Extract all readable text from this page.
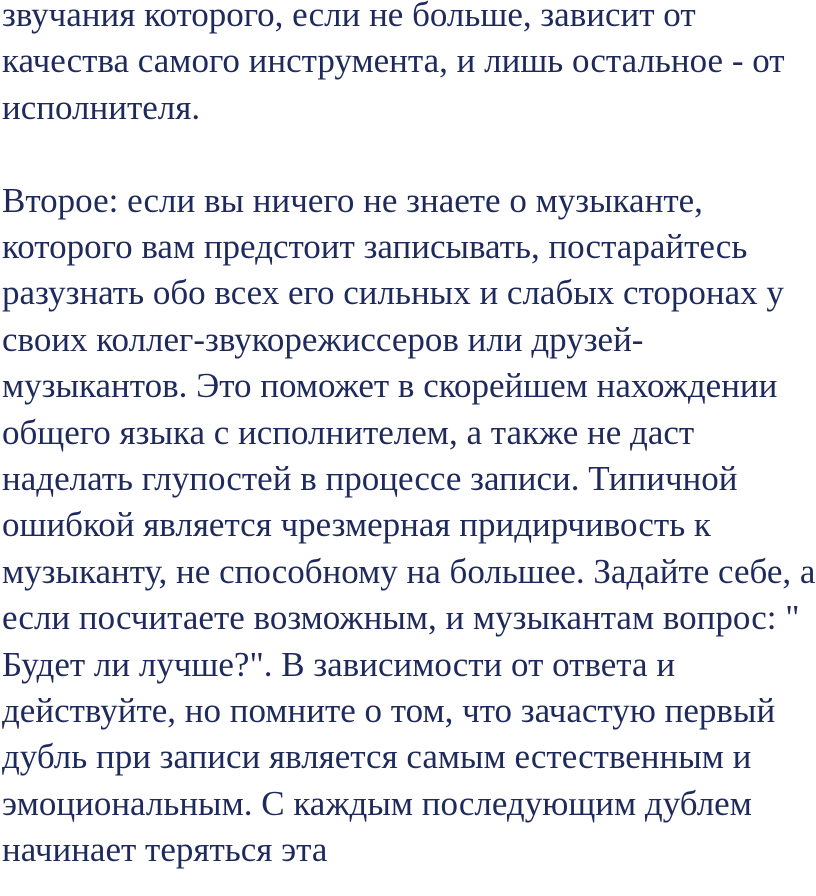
звучания которого, если не больше, зависит от

качества самого инструмента, и лишь остальное - от

исполнителя.

Второе: если вы ничего не знаете о музыканте,

которого вам предстоит записывать, постарайтесь

разузнать обо всех его сильных и слабых сторонах у

своих коллег-звукорежиссеров или друзей-

музыкантов. Это поможет в скорейшем нахождении

общего языка с исполнителем, а также не даст

наделать глупостей в процессе записи. Типичной

ошибкой является чрезмерная придирчивость к

музыканту, не способному на большее. Задайте себе, а

если посчитаете возможным, и музыкантам вопрос: "

Будет ли лучше?". В зависимости от ответа и

действуйте, но помните о том, что зачастую первый

дубль при записи является самым естественным и

эмоциональным. С каждым последующим дублем

начинает теряться эта
